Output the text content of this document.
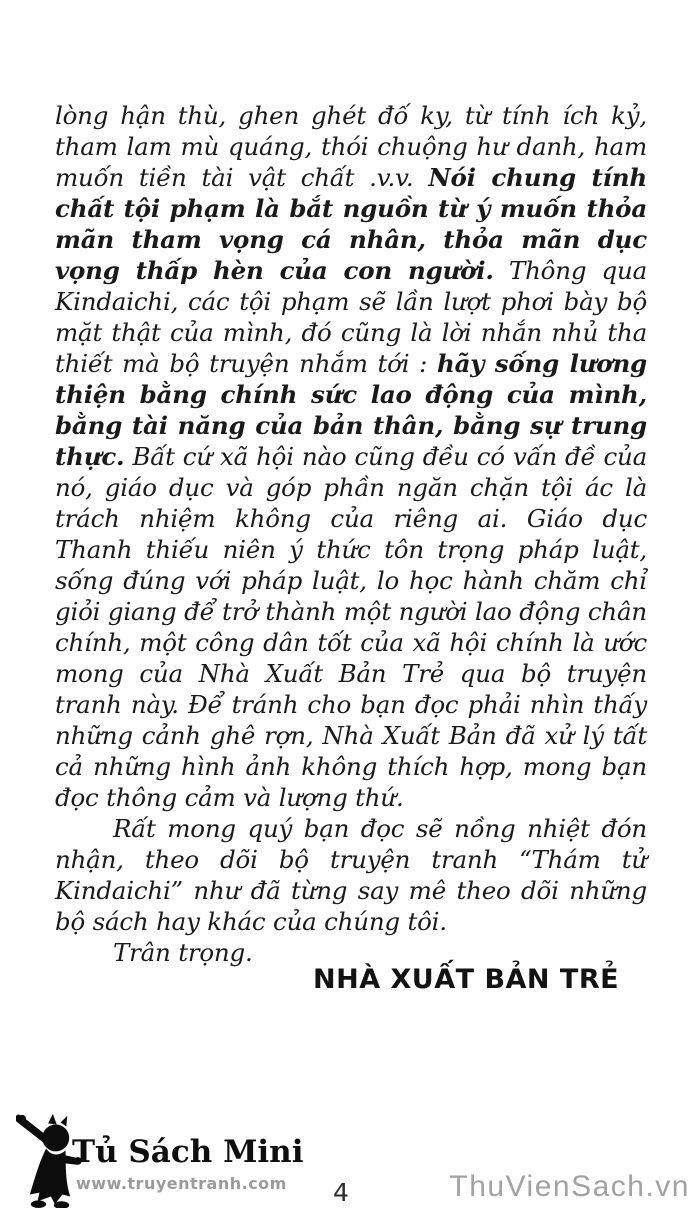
lòng hận thù, ghen ghét đố ky, từ tính ích kỷ, tham lam mù quáng, thói chuộng hư danh, ham muốn tiền tài vật chất .v.v. Nói chung tính chất tội phạm là bắt nguồn từ ý muốn thỏa mãn tham vọng cá nhân, thỏa mãn dục vọng thấp hèn của con người. Thông qua Kindaichi, các tội phạm sẽ lần lượt phơi bày bộ mặt thật của mình, đó cũng là lời nhắn nhủ tha thiết mà bộ truyện nhắm tới : hãy sống lương thiện bằng chính sức lao động của mình, bằng tài năng của bản thân, bằng sự trung thực. Bất cứ xã hội nào cũng đều có vấn đề của nó, giáo dục và góp phần ngăn chặn tội ác là trách nhiệm không của riêng ai. Giáo dục Thanh thiếu niên ý thức tôn trọng pháp luật, sống đúng với pháp luật, lo học hành chăm chỉ giỏi giang để trở thành một người lao động chân chính, một công dân tốt của xã hội chính là ước mong của Nhà Xuất Bản Trẻ qua bộ truyện tranh này. Để tránh cho bạn đọc phải nhìn thấy những cảnh ghê rợn, Nhà Xuất Bản đã xử lý tất cả những hình ảnh không thích hợp, mong bạn đọc thông cảm và lượng thứ.

Rất mong quý bạn đọc sẽ nồng nhiệt đón nhận, theo dõi bộ truyện tranh “Thám tử Kindaichi” như đã từng say mê theo dõi những bộ sách hay khác của chúng tôi.

Trân trọng.

NHÀ XUẤT BẢN TRẺ
Tủ Sách Mini
www.truyentranh.com 4	ThuVienSach.vn
